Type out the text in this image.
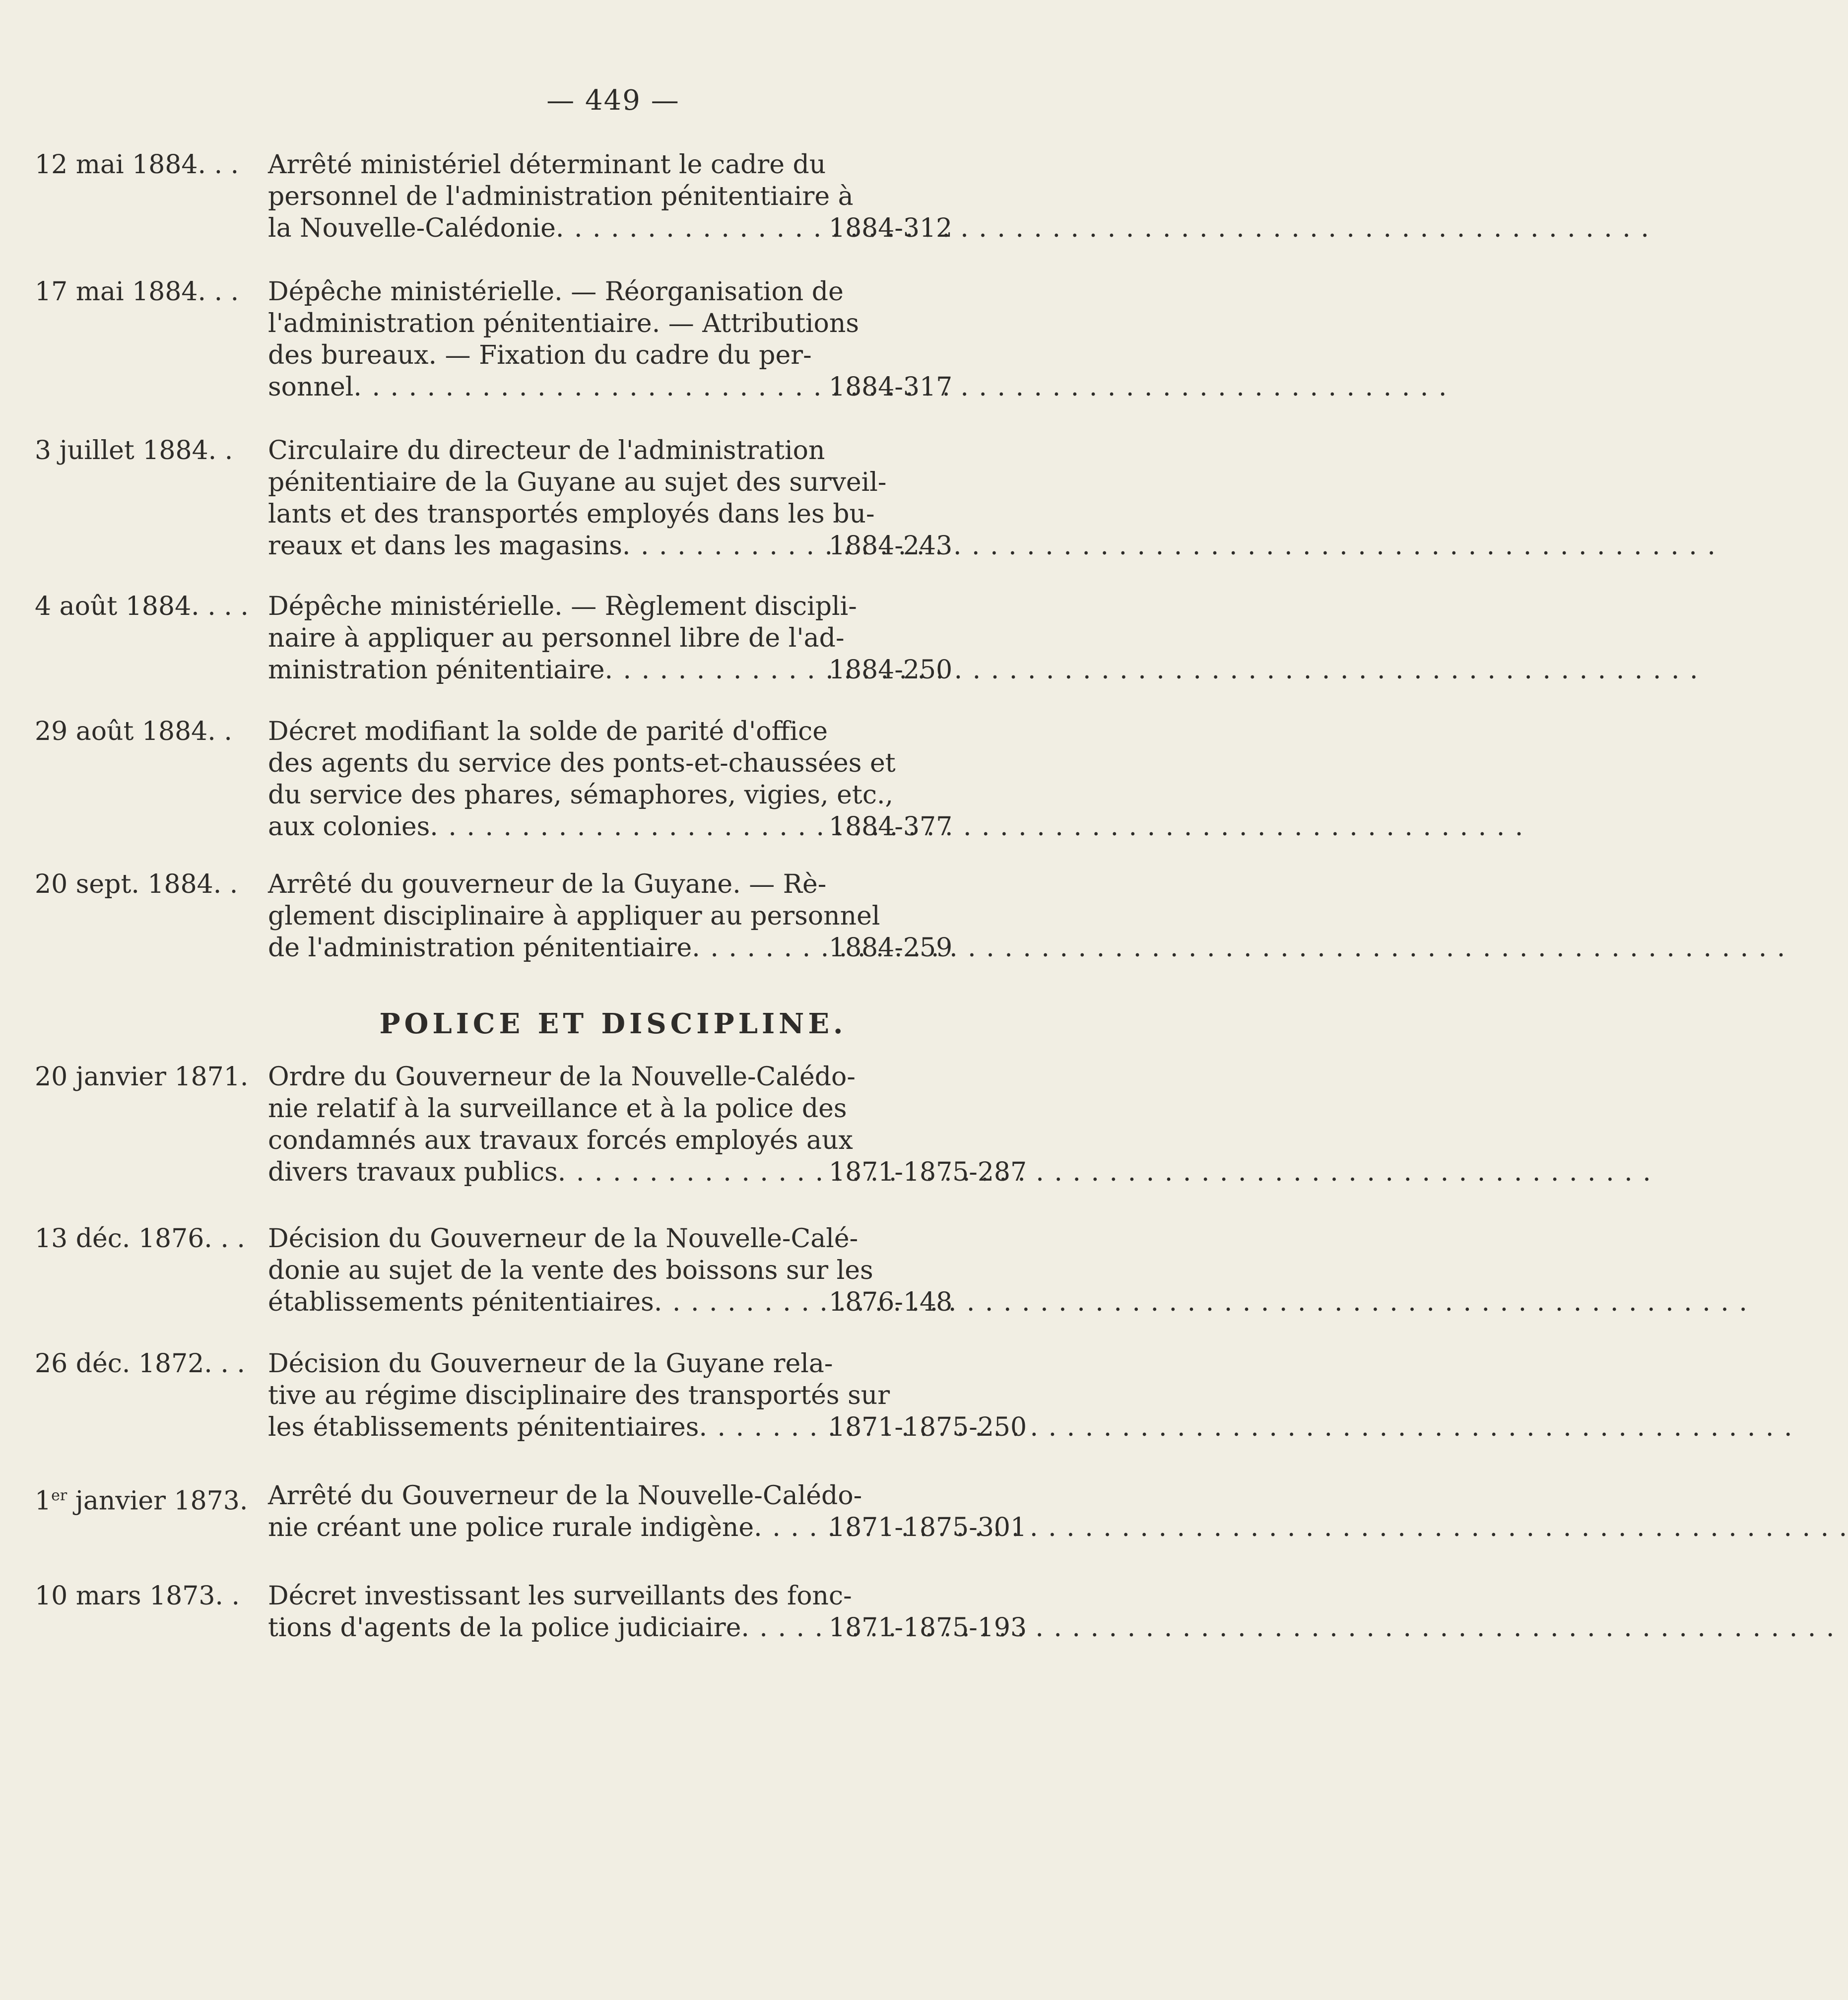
— 449 —
12 mai 1884. . . Arrêté ministériel déterminant le cadre du
personnel de l'administration pénitentiaire à
la Nouvelle-Calédonie . . .	1884-312
17 mai 1884. . . Dépêche ministérielle. — Réorganisation de
l'administration pénitentiaire. — Attributions
des bureaux. — Fixation du cadre du per-
sonnel . . .	1884-317
3 juillet 1884. . Circulaire du directeur de l'administration
pénitentiaire de la Guyane au sujet des surveil-
lants et des transportés employés dans les bu-
reaux et dans les magasins . . .	1884-243
4 août 1884. . . . Dépêche ministérielle. — Règlement discipli-
naire à appliquer au personnel libre de l'ad-
ministration pénitentiaire . . .	1884-250
29 août 1884. . Décret modifiant la solde de parité d'office
des agents du service des ponts-et-chaussées et
du service des phares, sémaphores, vigies, etc.,
aux colonies . . .	1884-377
20 sept. 1884. . Arrêté du gouverneur de la Guyane. — Rè-
glement disciplinaire à appliquer au personnel
de l'administration pénitentiaire . . .	1884-259
POLICE ET DISCIPLINE.
20 janvier 1871. Ordre du Gouverneur de la Nouvelle-Calédo-
nie relatif à la surveillance et à la police des
condamnés aux travaux forcés employés aux
divers travaux publics . . .	1871-1875-287
13 déc. 1876. . . Décision du Gouverneur de la Nouvelle-Calé-
donie au sujet de la vente des boissons sur les
établissements pénitentiaires . . .	1876-148
26 déc. 1872. . . Décision du Gouverneur de la Guyane rela-
tive au régime disciplinaire des transportés sur
les établissements pénitentiaires . . .	1871-1875-250
1er janvier 1873. Arrêté du Gouverneur de la Nouvelle-Calédo-
nie créant une police rurale indigène . . .	1871-1875-301
10 mars 1873. . Décret investissant les surveillants des fonc-
tions d'agents de la police judiciaire . . .	1871-1875-193
